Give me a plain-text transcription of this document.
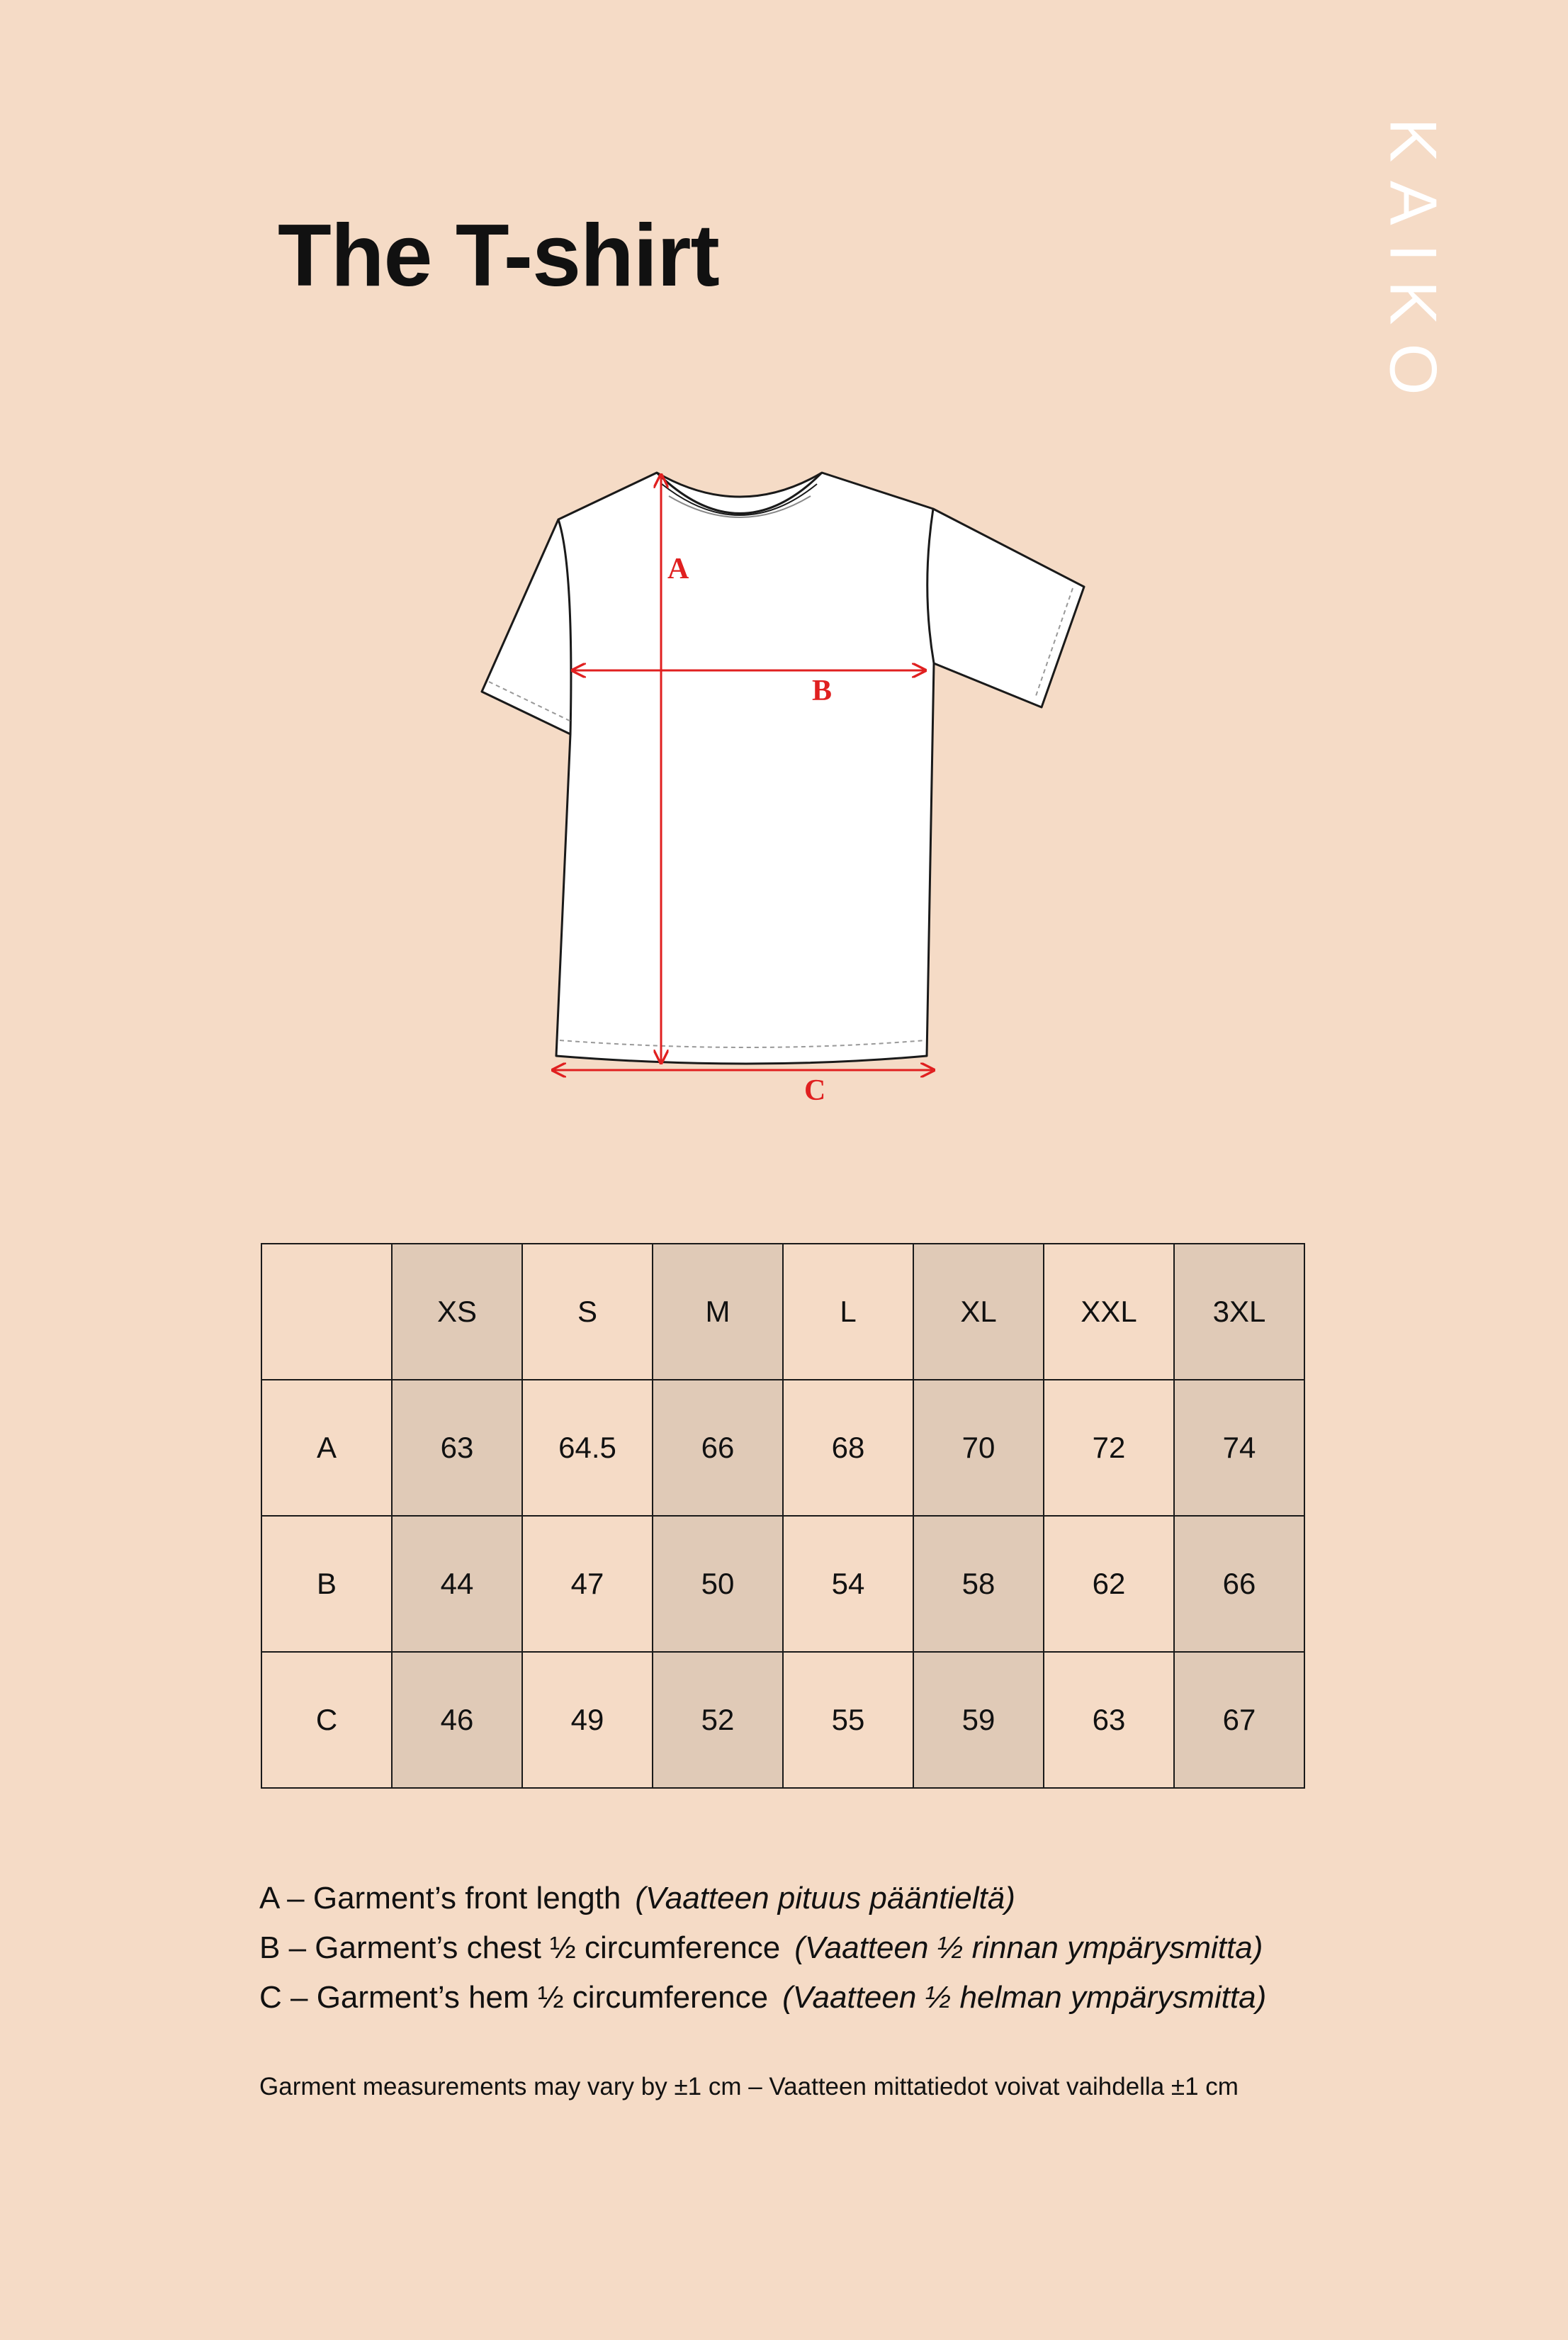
The T-shirt	KAIKO
A
B
C
	XS	S	M	L	XL	XXL	3XL
A	63	64.5	66	68	70	72	74
B	44	47	50	54	58	62	66
C	46	49	52	55	59	63	67
A – Garment’s front length (Vaatteen pituus pääntieltä)
B – Garment’s chest ½ circumference (Vaatteen ½ rinnan ympärysmitta)
C – Garment’s hem ½ circumference (Vaatteen ½ helman ympärysmitta)
Garment measurements may vary by ±1 cm – Vaatteen mittatiedot voivat vaihdella ±1 cm
